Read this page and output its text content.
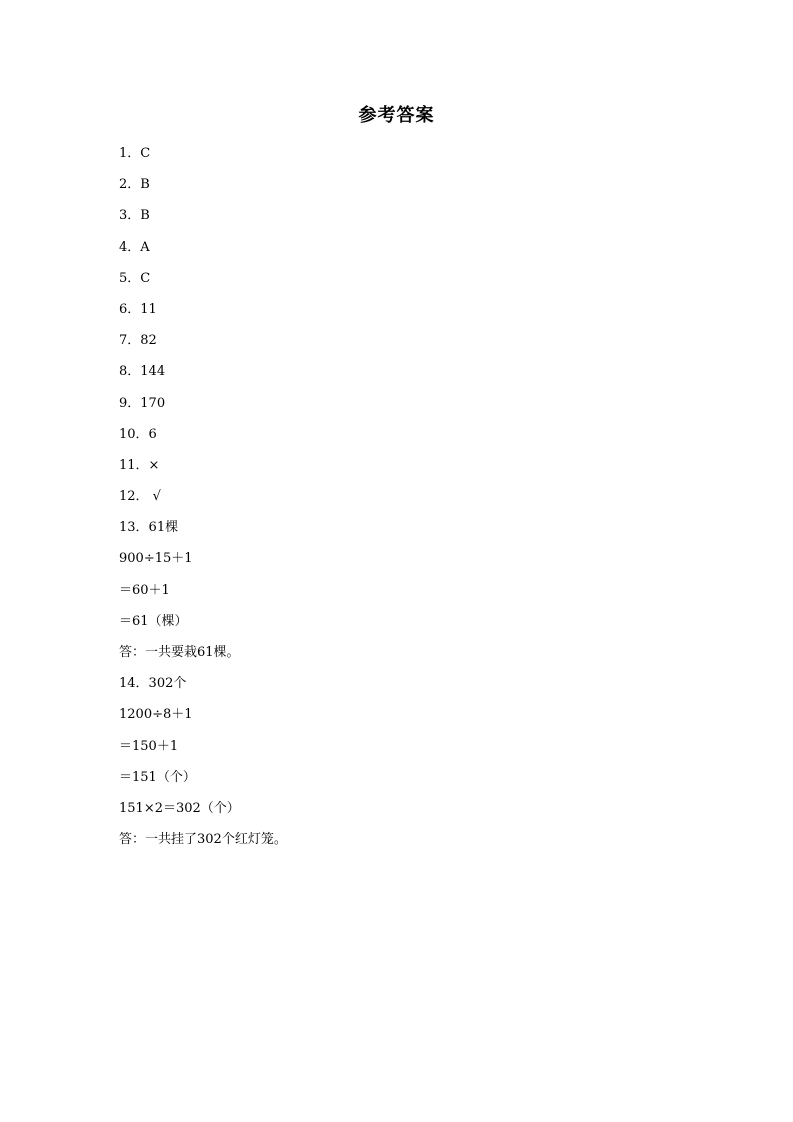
参考答案
1．C
2．B
3．B
4．A
5．C
6．11
7．82
8．144
9．170
10．6
11．×
12． √
13．61棵
900÷15＋1
＝60＋1
＝61（棵）
答：一共要栽61棵。
14．302个
1200÷8＋1
＝150＋1
＝151（个）
151×2＝302（个）
答：一共挂了302个红灯笼。
